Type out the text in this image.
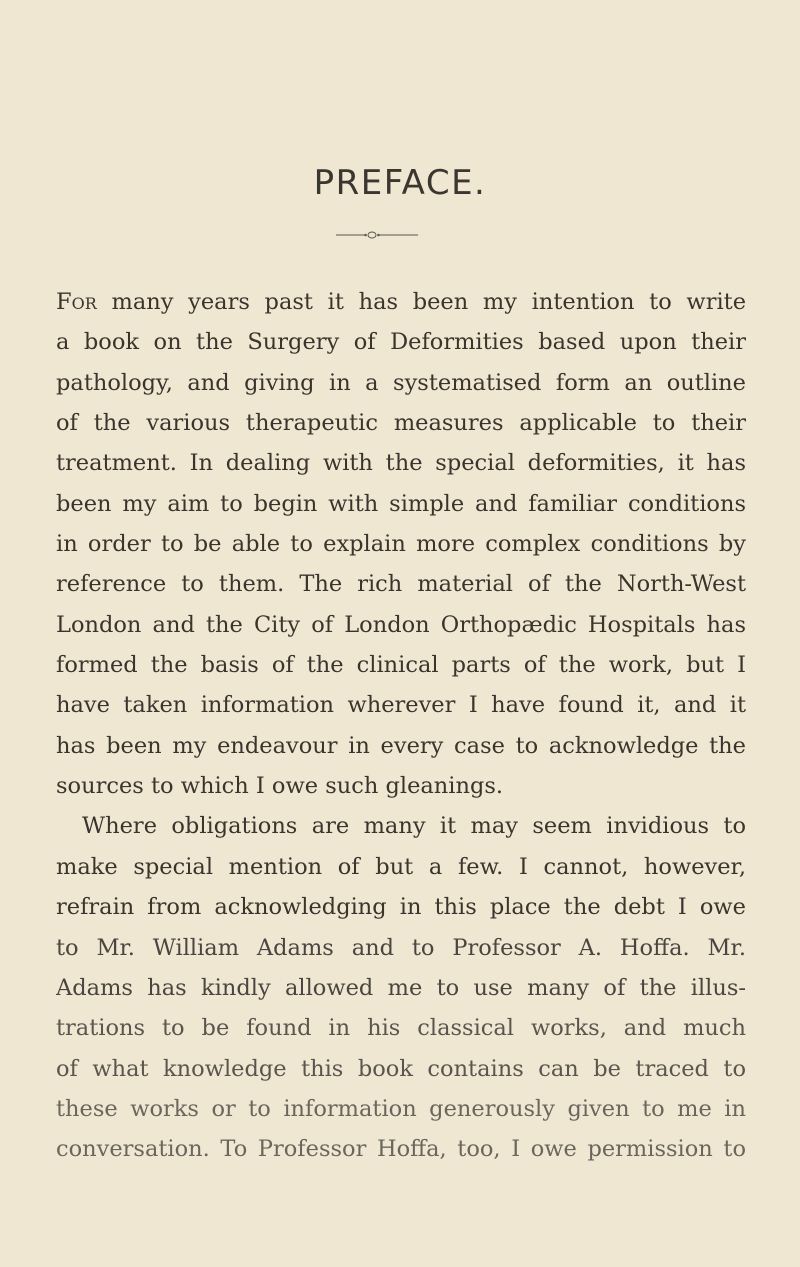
PREFACE.
For many years past it has been my intention to write
a book on the Surgery of Deformities based upon their
pathology, and giving in a systematised form an outline
of the various therapeutic measures applicable to their
treatment. In dealing with the special deformities, it has
been my aim to begin with simple and familiar conditions
in order to be able to explain more complex conditions by
reference to them. The rich material of the North-West
London and the City of London Orthopædic Hospitals has
formed the basis of the clinical parts of the work, but I
have taken information wherever I have found it, and it
has been my endeavour in every case to acknowledge the
sources to which I owe such gleanings.
Where obligations are many it may seem invidious to
make special mention of but a few. I cannot, however,
refrain from acknowledging in this place the debt I owe
to Mr. William Adams and to Professor A. Hoffa. Mr.
Adams has kindly allowed me to use many of the illus-
trations to be found in his classical works, and much
of what knowledge this book contains can be traced to
these works or to information generously given to me in
conversation. To Professor Hoffa, too, I owe permission to
